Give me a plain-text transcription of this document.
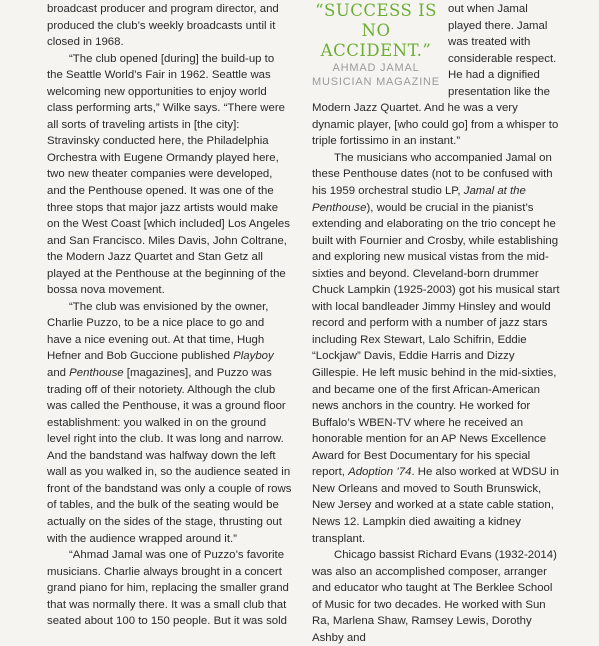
broadcast producer and program director, and produced the club’s weekly broadcasts until it closed in 1968.

“The club opened [during] the build-up to the Seattle World’s Fair in 1962. Seattle was welcoming new opportunities to enjoy world class performing arts,” Wilke says. “There were all sorts of traveling artists in [the city]: Stravinsky conducted here, the Philadelphia Orchestra with Eugene Ormandy played here, two new theater companies were developed, and the Penthouse opened. It was one of the three stops that major jazz artists would make on the West Coast [which included] Los Angeles and San Francisco. Miles Davis, John Coltrane, the Modern Jazz Quartet and Stan Getz all played at the Penthouse at the beginning of the bossa nova movement.

“The club was envisioned by the owner, Charlie Puzzo, to be a nice place to go and have a nice evening out. At that time, Hugh Hefner and Bob Guccione published Playboy and Penthouse [magazines], and Puzzo was trading off of their notoriety. Although the club was called the Penthouse, it was a ground floor establishment: you walked in on the ground level right into the club. It was long and narrow. And the bandstand was halfway down the left wall as you walked in, so the audience seated in front of the bandstand was only a couple of rows of tables, and the bulk of the seating would be actually on the sides of the stage, thrusting out with the audience wrapped around it.”

“Ahmad Jamal was one of Puzzo’s favorite musicians. Charlie always brought in a concert grand piano for him, replacing the smaller grand that was normally there. It was a small club that seated about 100 to 150 people. But it was sold

“SUCCESS IS NO
ACCIDENT.”
AHMAD JAMAL
MUSICIAN MAGAZINE

out when Jamal played there. Jamal was treated with considerable respect. He had a dignified presentation like the Modern Jazz Quartet. And he was a very dynamic player, [who could go] from a whisper to triple fortissimo in an instant.”

The musicians who accompanied Jamal on these Penthouse dates (not to be confused with his 1959 orchestral studio LP, Jamal at the Penthouse), would be crucial in the pianist’s extending and elaborating on the trio concept he built with Fournier and Crosby, while establishing and exploring new musical vistas from the mid-sixties and beyond. Cleveland-born drummer Chuck Lampkin (1925-2003) got his musical start with local bandleader Jimmy Hinsley and would record and perform with a number of jazz stars including Rex Stewart, Lalo Schifrin, Eddie “Lockjaw” Davis, Eddie Harris and Dizzy Gillespie. He left music behind in the mid-sixties, and became one of the first African-American news anchors in the country. He worked for Buffalo’s WBEN-TV where he received an honorable mention for an AP News Excellence Award for Best Documentary for his special report, Adoption ’74. He also worked at WDSU in New Orleans and moved to South Brunswick, New Jersey and worked at a state cable station, News 12. Lampkin died awaiting a kidney transplant.

Chicago bassist Richard Evans (1932-2014) was also an accomplished composer, arranger and educator who taught at The Berklee School of Music for two decades. He worked with Sun Ra, Marlena Shaw, Ramsey Lewis, Dorothy Ashby and
